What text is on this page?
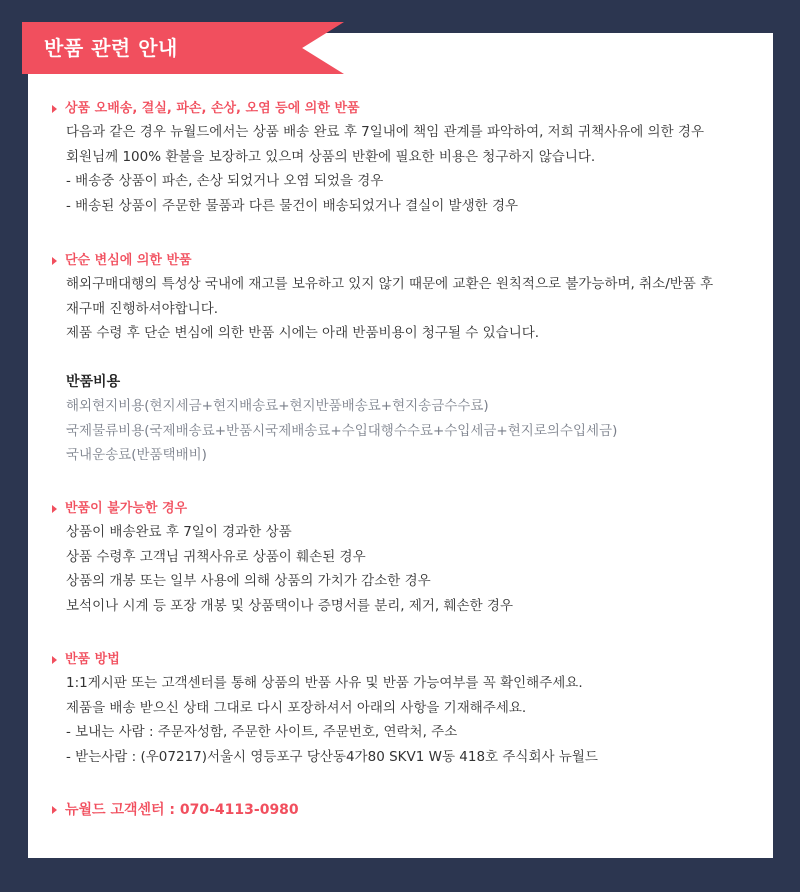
반품 관련 안내
상품 오배송, 결실, 파손, 손상, 오염 등에 의한 반품
다음과 같은 경우 뉴월드에서는 상품 배송 완료 후 7일내에 책임 관계를 파악하여, 저희 귀책사유에 의한 경우
회원님께 100% 환불을 보장하고 있으며 상품의 반환에 필요한 비용은 청구하지 않습니다.
- 배송중 상품이 파손, 손상 되었거나 오염 되었을 경우
- 배송된 상품이 주문한 물품과 다른 물건이 배송되었거나 결실이 발생한 경우
단순 변심에 의한 반품
해외구매대행의 특성상 국내에 재고를 보유하고 있지 않기 때문에 교환은 원칙적으로 불가능하며, 취소/반품 후
재구매 진행하셔야합니다.
제품 수령 후 단순 변심에 의한 반품 시에는 아래 반품비용이 청구될 수 있습니다.
반품비용
해외현지비용(현지세금+현지배송료+현지반품배송료+현지송금수수료)
국제물류비용(국제배송료+반품시국제배송료+수입대행수수료+수입세금+현지로의수입세금)
국내운송료(반품택배비)
반품이 불가능한 경우
상품이 배송완료 후 7일이 경과한 상품
상품 수령후 고객님 귀책사유로 상품이 훼손된 경우
상품의 개봉 또는 일부 사용에 의해 상품의 가치가 감소한 경우
보석이나 시계 등 포장 개봉 및 상품택이나 증명서를 분리, 제거, 훼손한 경우
반품 방법
1:1게시판 또는 고객센터를 통해 상품의 반품 사유 및 반품 가능여부를 꼭 확인해주세요.
제품을 배송 받으신 상태 그대로 다시 포장하셔서 아래의 사항을 기재해주세요.
- 보내는 사람 : 주문자성함, 주문한 사이트, 주문번호, 연락처, 주소
- 받는사람 : (우07217)서울시 영등포구 당산동4가80 SKV1 W동 418호 주식회사 뉴월드
뉴월드 고객센터 : 070-4113-0980
